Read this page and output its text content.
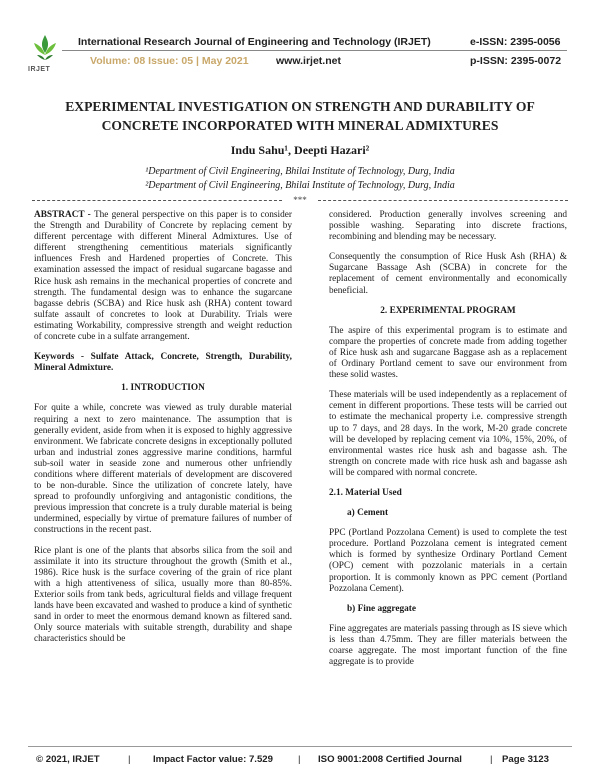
IRJET
International Research Journal of Engineering and Technology (IRJET)
Volume: 08 Issue: 05 | May 2021	www.irjet.net
e-ISSN: 2395-0056
p-ISSN: 2395-0072
EXPERIMENTAL INVESTIGATION ON STRENGTH AND DURABILITY OF
CONCRETE INCORPORATED WITH MINERAL ADMIXTURES
Indu Sahu¹, Deepti Hazari²
¹Department of Civil Engineering, Bhilai Institute of Technology, Durg, India
²Department of Civil Engineering, Bhilai Institute of Technology, Durg, India
***

ABSTRACT - The general perspective on this paper is to consider the Strength and Durability of Concrete by replacing cement by different percentage with different Mineral Admixtures. Use of different strengthening cementitious materials significantly influences Fresh and Hardened properties of Concrete. This examination assessed the impact of residual sugarcane bagasse and Rice husk ash remains in the mechanical properties of concrete and strength. The fundamental design was to enhance the sugarcane bagasse debris (SCBA) and Rice husk ash (RHA) content toward sulfate assault of concretes to look at Durability. Trials were estimating Workability, compressive strength and weight reduction of concrete cube in a sulfate arrangement.

Keywords - Sulfate Attack, Concrete, Strength, Durability, Mineral Admixture.

1. INTRODUCTION

For quite a while, concrete was viewed as truly durable material requiring a next to zero maintenance. The assumption that is generally evident, aside from when it is exposed to highly aggressive environment. We fabricate concrete designs in exceptionally polluted urban and industrial zones aggressive marine conditions, harmful sub-soil water in seaside zone and numerous other unfriendly conditions where different materials of development are discovered to be non-durable. Since the utilization of concrete lately, have spread to profoundly unforgiving and antagonistic conditions, the previous impression that concrete is a truly durable material is being undermined, especially by virtue of premature failures of number of constructions in the recent past.

Rice plant is one of the plants that absorbs silica from the soil and assimilate it into its structure throughout the growth (Smith et al., 1986). Rice husk is the surface covering of the grain of rice plant with a high attentiveness of silica, usually more than 80-85%. Exterior soils from tank beds, agricultural fields and village frequent lands have been excavated and washed to produce a kind of synthetic sand in order to meet the enormous demand known as filtered sand. Only source materials with suitable strength, durability and shape characteristics should be

considered. Production generally involves screening and possible washing. Separating into discrete fractions, recombining and blending may be necessary.

Consequently the consumption of Rice Husk Ash (RHA) & Sugarcane Bassage Ash (SCBA) in concrete for the replacement of cement environmentally and economically beneficial.

2. EXPERIMENTAL PROGRAM

The aspire of this experimental program is to estimate and compare the properties of concrete made from adding together of Rice husk ash and sugarcane Baggase ash as a replacement of Ordinary Portland cement to save our environment from these solid wastes.

These materials will be used independently as a replacement of cement in different proportions. These tests will be carried out to estimate the mechanical property i.e. compressive strength up to 7 days, and 28 days. In the work, M-20 grade concrete will be developed by replacing cement via 10%, 15%, 20%, of environmental wastes rice husk ash and bagasse ash. The strength on concrete made with rice husk ash and bagasse ash will be compared with normal concrete.

2.1. Material Used

a) Cement

PPC (Portland Pozzolana Cement) is used to complete the test procedure. Portland Pozzolana cement is integrated cement which is formed by synthesize Ordinary Portland Cement (OPC) cement with pozzolanic materials in a certain proportion. It is commonly known as PPC cement (Portland Pozzolana Cement).

b) Fine aggregate

Fine aggregates are materials passing through as IS sieve which is less than 4.75mm. They are filler materials between the coarse aggregate. The most important function of the fine aggregate is to provide

© 2021, IRJET	| Impact Factor value: 7.529	| ISO 9001:2008 Certified Journal	| Page 3123
